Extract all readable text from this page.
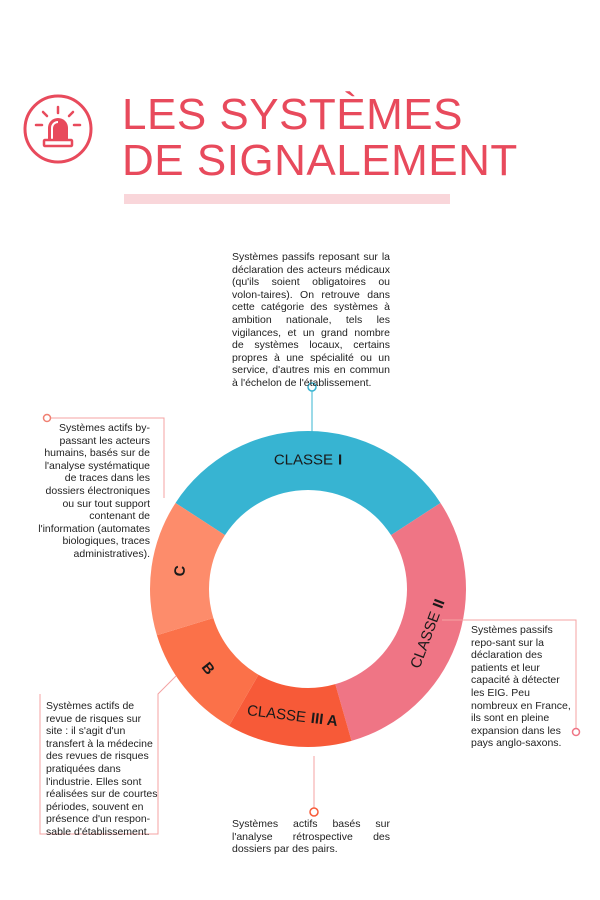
LES SYSTÈMES
DE SIGNALEMENT
CLASSE I
CLASSEII
CLASSE III A
B
C

Systèmes passifs reposant sur la déclaration des acteurs médicaux (qu'ils soient obligatoires ou volon-taires). On retrouve dans cette catégorie des systèmes à ambition nationale, tels les vigilances, et un grand nombre de systèmes locaux, certains propres à une spécialité ou un service, d'autres mis en commun à l'échelon de l'établissement.

Systèmes actifs by-passant les acteurs humains, basés sur de l'analyse systématique de traces dans les dossiers électroniques ou sur tout support contenant de l'information (automates biologiques, traces administratives).

Systèmes passifs repo-sant sur la déclaration des patients et leur capacité à détecter les EIG. Peu nombreux en France, ils sont en pleine expansion dans les pays anglo-saxons.

Systèmes actifs de revue de risques sur site : il s'agit d'un transfert à la médecine des revues de risques pratiquées dans l'industrie. Elles sont réalisées sur de courtes périodes, souvent en présence d'un respon-sable d'établissement.

Systèmes actifs basés sur l'analyse rétrospective des dossiers par des pairs.
